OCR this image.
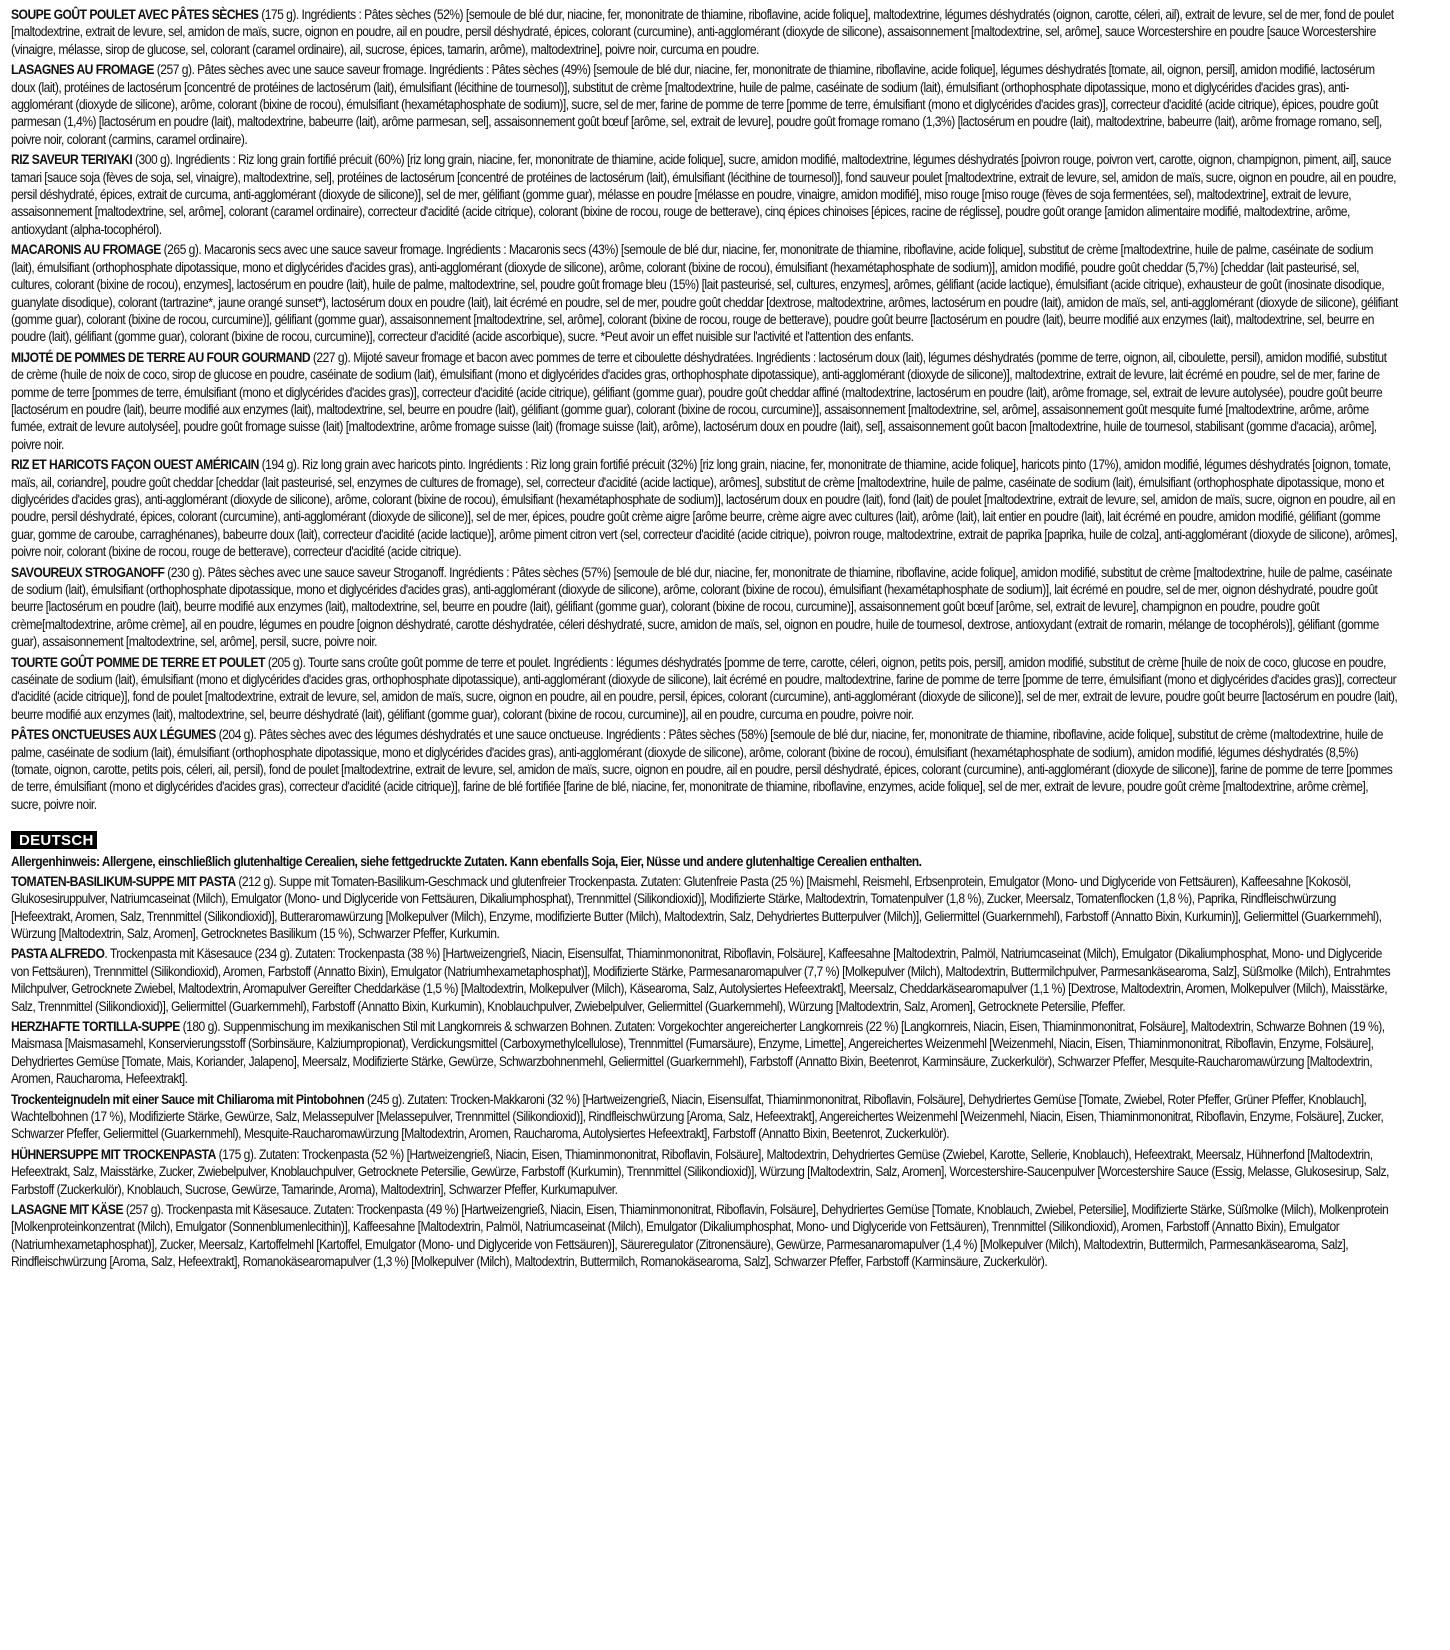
SOUPE GOÛT POULET AVEC PÂTES SÈCHES (175 g). Ingrédients : Pâtes sèches (52%) [semoule de blé dur, niacine, fer, mononitrate de thiamine, riboflavine, acide folique], maltodextrine, légumes déshydratés (oignon, carotte, céleri, ail), extrait de levure, sel de mer, fond de poulet [maltodextrine, extrait de levure, sel, amidon de maïs, sucre, oignon en poudre, ail en poudre, persil déshydraté, épices, colorant (curcumine), anti-agglomérant (dioxyde de silicone), assaisonnement [maltodextrine, sel, arôme], sauce Worcestershire en poudre [sauce Worcestershire (vinaigre, mélasse, sirop de glucose, sel, colorant (caramel ordinaire), ail, sucrose, épices, tamarin, arôme), maltodextrine], poivre noir, curcuma en poudre.
LASAGNES AU FROMAGE (257 g). Pâtes sèches avec une sauce saveur fromage. Ingrédients : Pâtes sèches (49%) [semoule de blé dur, niacine, fer, mononitrate de thiamine, riboflavine, acide folique], légumes déshydratés [tomate, ail, oignon, persil], amidon modifié, lactosérum doux (lait), protéines de lactosérum [concentré de protéines de lactosérum (lait), émulsifiant (lécithine de tournesol)], substitut de crème [maltodextrine, huile de palme, caséinate de sodium (lait), émulsifiant (orthophosphate dipotassique, mono et diglycérides d'acides gras), anti-agglomérant (dioxyde de silicone), arôme, colorant (bixine de rocou), émulsifiant (hexamétaphosphate de sodium)], sucre, sel de mer, farine de pomme de terre [pomme de terre, émulsifiant (mono et diglycérides d'acides gras)], correcteur d'acidité (acide citrique), épices, poudre goût parmesan (1,4%) [lactosérum en poudre (lait), maltodextrine, babeurre (lait), arôme parmesan, sel], assaisonnement goût bœuf [arôme, sel, extrait de levure], poudre goût fromage romano (1,3%) [lactosérum en poudre (lait), maltodextrine, babeurre (lait), arôme fromage romano, sel], poivre noir, colorant (carmins, caramel ordinaire).
RIZ SAVEUR TERIYAKI (300 g). Ingrédients : Riz long grain fortifié précuit (60%) [riz long grain, niacine, fer, mononitrate de thiamine, acide folique], sucre, amidon modifié, maltodextrine, légumes déshydratés [poivron rouge, poivron vert, carotte, oignon, champignon, piment, ail], sauce tamari [sauce soja (fèves de soja, sel, vinaigre), maltodextrine, sel], protéines de lactosérum [concentré de protéines de lactosérum (lait), émulsifiant (lécithine de tournesol)], fond sauveur poulet [maltodextrine, extrait de levure, sel, amidon de maïs, sucre, oignon en poudre, ail en poudre, persil déshydraté, épices, extrait de curcuma, anti-agglomérant (dioxyde de silicone)], sel de mer, gélifiant (gomme guar), mélasse en poudre [mélasse en poudre, vinaigre, amidon modifié], miso rouge [miso rouge (fèves de soja fermentées, sel), maltodextrine], extrait de levure, assaisonnement [maltodextrine, sel, arôme], colorant (caramel ordinaire), correcteur d'acidité (acide citrique), colorant (bixine de rocou, rouge de betterave), cinq épices chinoises [épices, racine de réglisse], poudre goût orange [amidon alimentaire modifié, maltodextrine, arôme, antioxydant (alpha-tocophérol).
MACARONIS AU FROMAGE (265 g). Macaronis secs avec une sauce saveur fromage. Ingrédients : Macaronis secs (43%) [semoule de blé dur, niacine, fer, mononitrate de thiamine, riboflavine, acide folique], substitut de crème [maltodextrine, huile de palme, caséinate de sodium (lait), émulsifiant (orthophosphate dipotassique, mono et diglycérides d'acides gras), anti-agglomérant (dioxyde de silicone), arôme, colorant (bixine de rocou), émulsifiant (hexamétaphosphate de sodium)], amidon modifié, poudre goût cheddar (5,7%) [cheddar (lait pasteurisé, sel, cultures, colorant (bixine de rocou), enzymes], lactosérum en poudre (lait), huile de palme, maltodextrine, sel, poudre goût fromage bleu (15%) [lait pasteurisé, sel, cultures, enzymes], arômes, gélifiant (acide lactique), émulsifiant (acide citrique), exhausteur de goût (inosinate disodique, guanylate disodique), colorant (tartrazine*, jaune orangé sunset*), lactosérum doux en poudre (lait), lait écrémé en poudre, sel de mer, poudre goût cheddar [dextrose, maltodextrine, arômes, lactosérum en poudre (lait), amidon de maïs, sel, anti-agglomérant (dioxyde de silicone), gélifiant (gomme guar), colorant (bixine de rocou, curcumine)], gélifiant (gomme guar), assaisonnement [maltodextrine, sel, arôme], colorant (bixine de rocou, rouge de betterave), poudre goût beurre [lactosérum en poudre (lait), beurre modifié aux enzymes (lait), maltodextrine, sel, beurre en poudre (lait), gélifiant (gomme guar), colorant (bixine de rocou, curcumine)], correcteur d'acidité (acide ascorbique), sucre. *Peut avoir un effet nuisible sur l'activité et l'attention des enfants.
MIJOTÉ DE POMMES DE TERRE AU FOUR GOURMAND (227 g). Mijoté saveur fromage et bacon avec pommes de terre et ciboulette déshydratées. Ingrédients : lactosérum doux (lait), légumes déshydratés (pomme de terre, oignon, ail, ciboulette, persil), amidon modifié, substitut de crème (huile de noix de coco, sirop de glucose en poudre, caséinate de sodium (lait), émulsifiant (mono et diglycérides d'acides gras, orthophosphate dipotassique), anti-agglomérant (dioxyde de silicone)], maltodextrine, extrait de levure, lait écrémé en poudre, sel de mer, farine de pomme de terre [pommes de terre, émulsifiant (mono et diglycérides d'acides gras)], correcteur d'acidité (acide citrique), gélifiant (gomme guar), poudre goût cheddar affiné (maltodextrine, lactosérum en poudre (lait), arôme fromage, sel, extrait de levure autolysée), poudre goût beurre [lactosérum en poudre (lait), beurre modifié aux enzymes (lait), maltodextrine, sel, beurre en poudre (lait), gélifiant (gomme guar), colorant (bixine de rocou, curcumine)], assaisonnement [maltodextrine, sel, arôme], assaisonnement goût mesquite fumé [maltodextrine, arôme, arôme fumée, extrait de levure autolysée], poudre goût fromage suisse (lait) [maltodextrine, arôme fromage suisse (lait) (fromage suisse (lait), arôme), lactosérum doux en poudre (lait), sel], assaisonnement goût bacon [maltodextrine, huile de tournesol, stabilisant (gomme d'acacia), arôme], poivre noir.
RIZ ET HARICOTS FAÇON OUEST AMÉRICAIN (194 g). Riz long grain avec haricots pinto. Ingrédients : Riz long grain fortifié précuit (32%) [riz long grain, niacine, fer, mononitrate de thiamine, acide folique], haricots pinto (17%), amidon modifié, légumes déshydratés [oignon, tomate, maïs, ail, coriandre], poudre goût cheddar [cheddar (lait pasteurisé, sel, enzymes de cultures de fromage), sel, correcteur d'acidité (acide lactique), arômes], substitut de crème [maltodextrine, huile de palme, caséinate de sodium (lait), émulsifiant (orthophosphate dipotassique, mono et diglycérides d'acides gras), anti-agglomérant (dioxyde de silicone), arôme, colorant (bixine de rocou), émulsifiant (hexamétaphosphate de sodium)], lactosérum doux en poudre (lait), fond (lait) de poulet [maltodextrine, extrait de levure, sel, amidon de maïs, sucre, oignon en poudre, ail en poudre, persil déshydraté, épices, colorant (curcumine), anti-agglomérant (dioxyde de silicone)], sel de mer, épices, poudre goût crème aigre [arôme beurre, crème aigre avec cultures (lait), arôme (lait), lait entier en poudre (lait), lait écrémé en poudre, amidon modifié, gélifiant (gomme guar, gomme de caroube, carraghénanes), babeurre doux (lait), correcteur d'acidité (acide lactique)], arôme piment citron vert (sel, correcteur d'acidité (acide citrique), poivron rouge, maltodextrine, extrait de paprika [paprika, huile de colza], anti-agglomérant (dioxyde de silicone), arômes], poivre noir, colorant (bixine de rocou, rouge de betterave), correcteur d'acidité (acide citrique).
SAVOUREUX STROGANOFF (230 g). Pâtes sèches avec une sauce saveur Stroganoff. Ingrédients : Pâtes sèches (57%) [semoule de blé dur, niacine, fer, mononitrate de thiamine, riboflavine, acide folique], amidon modifié, substitut de crème [maltodextrine, huile de palme, caséinate de sodium (lait), émulsifiant (orthophosphate dipotassique, mono et diglycérides d'acides gras), anti-agglomérant (dioxyde de silicone), arôme, colorant (bixine de rocou), émulsifiant (hexamétaphosphate de sodium)], lait écrémé en poudre, sel de mer, oignon déshydraté, poudre goût beurre [lactosérum en poudre (lait), beurre modifié aux enzymes (lait), maltodextrine, sel, beurre en poudre (lait), gélifiant (gomme guar), colorant (bixine de rocou, curcumine)], assaisonnement goût bœuf [arôme, sel, extrait de levure], champignon en poudre, poudre goût crème[maltodextrine, arôme crème], ail en poudre, légumes en poudre [oignon déshydraté, carotte déshydratée, céleri déshydraté, sucre, amidon de maïs, sel, oignon en poudre, huile de tournesol, dextrose, antioxydant (extrait de romarin, mélange de tocophérols)], gélifiant (gomme guar), assaisonnement [maltodextrine, sel, arôme], persil, sucre, poivre noir.
TOURTE GOÛT POMME DE TERRE ET POULET (205 g). Tourte sans croûte goût pomme de terre et poulet. Ingrédients : légumes déshydratés [pomme de terre, carotte, céleri, oignon, petits pois, persil], amidon modifié, substitut de crème [huile de noix de coco, glucose en poudre, caséinate de sodium (lait), émulsifiant (mono et diglycérides d'acides gras, orthophosphate dipotassique), anti-agglomérant (dioxyde de silicone), lait écrémé en poudre, maltodextrine, farine de pomme de terre [pomme de terre, émulsifiant (mono et diglycérides d'acides gras)], correcteur d'acidité (acide citrique)], fond de poulet [maltodextrine, extrait de levure, sel, amidon de maïs, sucre, oignon en poudre, ail en poudre, persil, épices, colorant (curcumine), anti-agglomérant (dioxyde de silicone)], sel de mer, extrait de levure, poudre goût beurre [lactosérum en poudre (lait), beurre modifié aux enzymes (lait), maltodextrine, sel, beurre déshydraté (lait), gélifiant (gomme guar), colorant (bixine de rocou, curcumine)], ail en poudre, curcuma en poudre, poivre noir.
PÂTES ONCTUEUSES AUX LÉGUMES (204 g). Pâtes sèches avec des légumes déshydratés et une sauce onctueuse. Ingrédients : Pâtes sèches (58%) [semoule de blé dur, niacine, fer, mononitrate de thiamine, riboflavine, acide folique], substitut de crème (maltodextrine, huile de palme, caséinate de sodium (lait), émulsifiant (orthophosphate dipotassique, mono et diglycérides d'acides gras), anti-agglomérant (dioxyde de silicone), arôme, colorant (bixine de rocou), émulsifiant (hexamétaphosphate de sodium), amidon modifié, légumes déshydratés (8,5%) (tomate, oignon, carotte, petits pois, céleri, ail, persil), fond de poulet [maltodextrine, extrait de levure, sel, amidon de maïs, sucre, oignon en poudre, ail en poudre, persil déshydraté, épices, colorant (curcumine), anti-agglomérant (dioxyde de silicone)], farine de pomme de terre [pommes de terre, émulsifiant (mono et diglycérides d'acides gras), correcteur d'acidité (acide citrique)], farine de blé fortifiée [farine de blé, niacine, fer, mononitrate de thiamine, riboflavine, enzymes, acide folique], sel de mer, extrait de levure, poudre goût crème [maltodextrine, arôme crème], sucre, poivre noir.
DEUTSCH
Allergenhinweis: Allergene, einschließlich glutenhaltige Cerealien, siehe fettgedruckte Zutaten. Kann ebenfalls Soja, Eier, Nüsse und andere glutenhaltige Cerealien enthalten.
TOMATEN-BASILIKUM-SUPPE MIT PASTA (212 g). Suppe mit Tomaten-Basilikum-Geschmack und glutenfreier Trockenpasta. Zutaten: Glutenfreie Pasta (25 %) [Maismehl, Reismehl, Erbsenprotein, Emulgator (Mono- und Diglyceride von Fettsäuren), Kaffeesahne [Kokosöl, Glukosesiruppulver, Natriumcaseinat (Milch), Emulgator (Mono- und Diglyceride von Fettsäuren, Dikaliumphosphat), Trennmittel (Silikondioxid)], Modifizierte Stärke, Maltodextrin, Tomatenpulver (1,8 %), Zucker, Meersalz, Tomatenflocken (1,8 %), Paprika, Rindfleischwürzung [Hefeextrakt, Aromen, Salz, Trennmittel (Silikondioxid)], Butteraromawürzung [Molkepulver (Milch), Enzyme, modifizierte Butter (Milch), Maltodextrin, Salz, Dehydriertes Butterpulver (Milch)], Geliermittel (Guarkernmehl), Farbstoff (Annatto Bixin, Kurkumin)], Geliermittel (Guarkernmehl), Würzung [Maltodextrin, Salz, Aromen], Getrocknetes Basilikum (15 %), Schwarzer Pfeffer, Kurkumin.
PASTA ALFREDO. Trockenpasta mit Käsesauce (234 g). Zutaten: Trockenpasta (38 %) [Hartweizengrieß, Niacin, Eisensulfat, Thiaminmononitrat, Riboflavin, Folsäure], Kaffeesahne [Maltodextrin, Palmöl, Natriumcaseinat (Milch), Emulgator (Dikaliumphosphat, Mono- und Diglyceride von Fettsäuren), Trennmittel (Silikondioxid), Aromen, Farbstoff (Annatto Bixin), Emulgator (Natriumhexametaphosphat)], Modifizierte Stärke, Parmesanaromapulver (7,7 %) [Molkepulver (Milch), Maltodextrin, Buttermilchpulver, Parmesankäsearoma, Salz], Süßmolke (Milch), Entrahmtes Milchpulver, Getrocknete Zwiebel, Maltodextrin, Aromapulver Gereifter Cheddarkäse (1,5 %) [Maltodextrin, Molkepulver (Milch), Käsearoma, Salz, Autolysiertes Hefeextrakt], Meersalz, Cheddarkäsearomapulver (1,1 %) [Dextrose, Maltodextrin, Aromen, Molkepulver (Milch), Maisstärke, Salz, Trennmittel (Silikondioxid)], Geliermittel (Guarkernmehl), Farbstoff (Annatto Bixin, Kurkumin), Knoblauchpulver, Zwiebelpulver, Geliermittel (Guarkernmehl), Würzung [Maltodextrin, Salz, Aromen], Getrocknete Petersilie, Pfeffer.
HERZHAFTE TORTILLA-SUPPE (180 g). Suppenmischung im mexikanischen Stil mit Langkornreis & schwarzen Bohnen. Zutaten: Vorgekochter angereicherter Langkornreis (22 %) [Langkornreis, Niacin, Eisen, Thiaminmononitrat, Folsäure], Maltodextrin, Schwarze Bohnen (19 %), Maismasa [Maismasamehl, Konservierungsstoff (Sorbinsäure, Kalziumpropionat), Verdickungsmittel (Carboxymethylcellulose), Trennmittel (Fumarsäure), Enzyme, Limette], Angereichertes Weizenmehl [Weizenmehl, Niacin, Eisen, Thiaminmononitrat, Riboflavin, Enzyme, Folsäure], Dehydriertes Gemüse [Tomate, Mais, Koriander, Jalapeno], Meersalz, Modifizierte Stärke, Gewürze, Schwarzbohnenmehl, Geliermittel (Guarkernmehl), Farbstoff (Annatto Bixin, Beetenrot, Karminsäure, Zuckerkulör), Schwarzer Pfeffer, Mesquite-Raucharomawürzung [Maltodextrin, Aromen, Raucharoma, Hefeextrakt].
Trockenteignudeln mit einer Sauce mit Chiliaroma mit Pintobohnen (245 g). Zutaten: Trocken-Makkaroni (32 %) [Hartweizengrieß, Niacin, Eisensulfat, Thiaminmononitrat, Riboflavin, Folsäure], Dehydriertes Gemüse [Tomate, Zwiebel, Roter Pfeffer, Grüner Pfeffer, Knoblauch], Wachtelbohnen (17 %), Modifizierte Stärke, Gewürze, Salz, Melassepulver [Melassepulver, Trennmittel (Silikondioxid)], Rindfleischwürzung [Aroma, Salz, Hefeextrakt], Angereichertes Weizenmehl [Weizenmehl, Niacin, Eisen, Thiaminmononitrat, Riboflavin, Enzyme, Folsäure], Zucker, Schwarzer Pfeffer, Geliermittel (Guarkernmehl), Mesquite-Raucharomawürzung [Maltodextrin, Aromen, Raucharoma, Autolysiertes Hefeextrakt], Farbstoff (Annatto Bixin, Beetenrot, Zuckerkulör).
HÜHNERSUPPE MIT TROCKENPASTA (175 g). Zutaten: Trockenpasta (52 %) [Hartweizengrieß, Niacin, Eisen, Thiaminmononitrat, Riboflavin, Folsäure], Maltodextrin, Dehydriertes Gemüse (Zwiebel, Karotte, Sellerie, Knoblauch), Hefeextrakt, Meersalz, Hühnerfond [Maltodextrin, Hefeextrakt, Salz, Maisstärke, Zucker, Zwiebelpulver, Knoblauchpulver, Getrocknete Petersilie, Gewürze, Farbstoff (Kurkumin), Trennmittel (Silikondioxid)], Würzung [Maltodextrin, Salz, Aromen], Worcestershire-Saucenpulver [Worcestershire Sauce (Essig, Melasse, Glukosesirup, Salz, Farbstoff (Zuckerkulör), Knoblauch, Sucrose, Gewürze, Tamarinde, Aroma), Maltodextrin], Schwarzer Pfeffer, Kurkumapulver.
LASAGNE MIT KÄSE (257 g). Trockenpasta mit Käsesauce. Zutaten: Trockenpasta (49 %) [Hartweizengrieß, Niacin, Eisen, Thiaminmononitrat, Riboflavin, Folsäure], Dehydriertes Gemüse [Tomate, Knoblauch, Zwiebel, Petersilie], Modifizierte Stärke, Süßmolke (Milch), Molkenprotein [Molkenproteinkonzentrat (Milch), Emulgator (Sonnenblumenlecithin)], Kaffeesahne [Maltodextrin, Palmöl, Natriumcaseinat (Milch), Emulgator (Dikaliumphosphat, Mono- und Diglyceride von Fettsäuren), Trennmittel (Silikondioxid), Aromen, Farbstoff (Annatto Bixin), Emulgator (Natriumhexametaphosphat)], Zucker, Meersalz, Kartoffelmehl [Kartoffel, Emulgator (Mono- und Diglyceride von Fettsäuren)], Säureregulator (Zitronensäure), Gewürze, Parmesanaromapulver (1,4 %) [Molkepulver (Milch), Maltodextrin, Buttermilch, Parmesankäsearoma, Salz], Rindfleischwürzung [Aroma, Salz, Hefeextrakt], Romanokäsearomapulver (1,3 %) [Molkepulver (Milch), Maltodextrin, Buttermilch, Romanokäsearoma, Salz], Schwarzer Pfeffer, Farbstoff (Karminsäure, Zuckerkulör).
